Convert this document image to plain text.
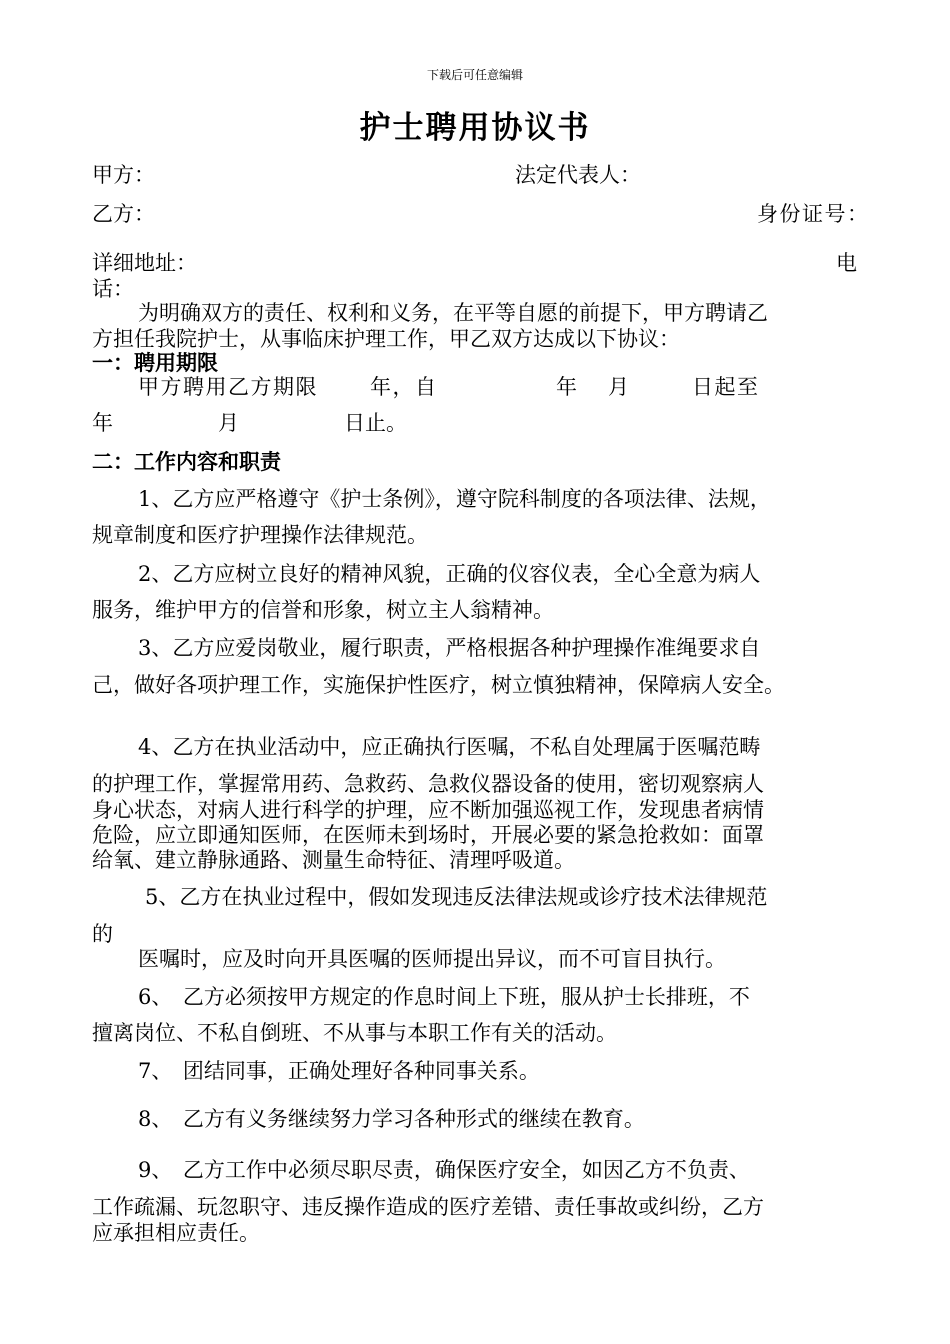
下载后可任意编辑
护士聘用协议书
甲方：	法定代表人：
乙方：	身份证号：
详细地址：	电
话：
为明确双方的责任、权利和义务，在平等自愿的前提下，甲方聘请乙
方担任我院护士，从事临床护理工作，甲乙双方达成以下协议：
一：聘用期限
甲方聘用乙方期限 年，自	年 月	日起至
年	月	日止。
二：工作内容和职责
1、乙方应严格遵守《护士条例》，遵守院科制度的各项法律、法规，
规章制度和医疗护理操作法律规范。
2、乙方应树立良好的精神风貌，正确的仪容仪表，全心全意为病人
服务，维护甲方的信誉和形象，树立主人翁精神。
3、乙方应爱岗敬业，履行职责，严格根据各种护理操作准绳要求自
己，做好各项护理工作，实施保护性医疗，树立慎独精神，保障病人安全。
4、乙方在执业活动中，应正确执行医嘱，不私自处理属于医嘱范畴
的护理工作，掌握常用药、急救药、急救仪器设备的使用，密切观察病人
身心状态，对病人进行科学的护理，应不断加强巡视工作，发现患者病情
危险，应立即通知医师，在医师未到场时，开展必要的紧急抢救如：面罩
给氧、建立静脉通路、测量生命特征、清理呼吸道。
5、乙方在执业过程中，假如发现违反法律法规或诊疗技术法律规范
的
医嘱时，应及时向开具医嘱的医师提出异议，而不可盲目执行。
6、　乙方必须按甲方规定的作息时间上下班，服从护士长排班，不
擅离岗位、不私自倒班、不从事与本职工作有关的活动。
7、　团结同事，正确处理好各种同事关系。
8、　乙方有义务继续努力学习各种形式的继续在教育。
9、　乙方工作中必须尽职尽责，确保医疗安全，如因乙方不负责、
工作疏漏、玩忽职守、违反操作造成的医疗差错、责任事故或纠纷，乙方
应承担相应责任。
